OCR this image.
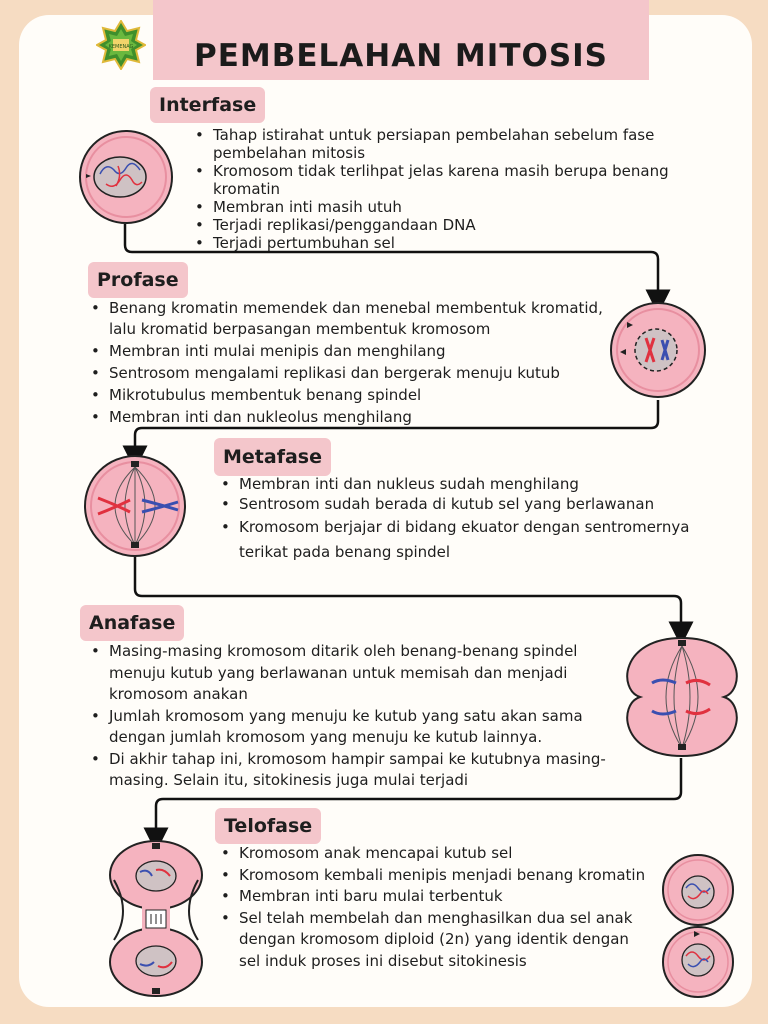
PEMBELAHAN MITOSIS
KEMENAG
Interfase
• Tahap istirahat untuk persiapan pembelahan sebelum fase pembelahan mitosis
• Kromosom tidak terlihpat jelas karena masih berupa benang kromatin
• Membran inti masih utuh
• Terjadi replikasi/penggandaan DNA
• Terjadi pertumbuhan sel
Profase
• Benang kromatin memendek dan menebal membentuk kromatid, lalu kromatid berpasangan membentuk kromosom
• Membran inti mulai menipis dan menghilang
• Sentrosom mengalami replikasi dan bergerak menuju kutub
• Mikrotubulus membentuk benang spindel
• Membran inti dan nukleolus menghilang
Metafase
• Membran inti dan nukleus sudah menghilang
• Sentrosom sudah berada di kutub sel yang berlawanan
• Kromosom berjajar di bidang ekuator dengan sentromernya terikat pada benang spindel
Anafase
• Masing-masing kromosom ditarik oleh benang-benang spindel menuju kutub yang berlawanan untuk memisah dan menjadi kromosom anakan
• Jumlah kromosom yang menuju ke kutub yang satu akan sama dengan jumlah kromosom yang menuju ke kutub lainnya.
• Di akhir tahap ini, kromosom hampir sampai ke kutubnya masing-masing. Selain itu, sitokinesis juga mulai terjadi
Telofase
• Kromosom anak mencapai kutub sel
• Kromosom kembali menipis menjadi benang kromatin
• Membran inti baru mulai terbentuk
• Sel telah membelah dan menghasilkan dua sel anak dengan kromosom diploid (2n) yang identik dengan sel induk proses ini disebut sitokinesis
